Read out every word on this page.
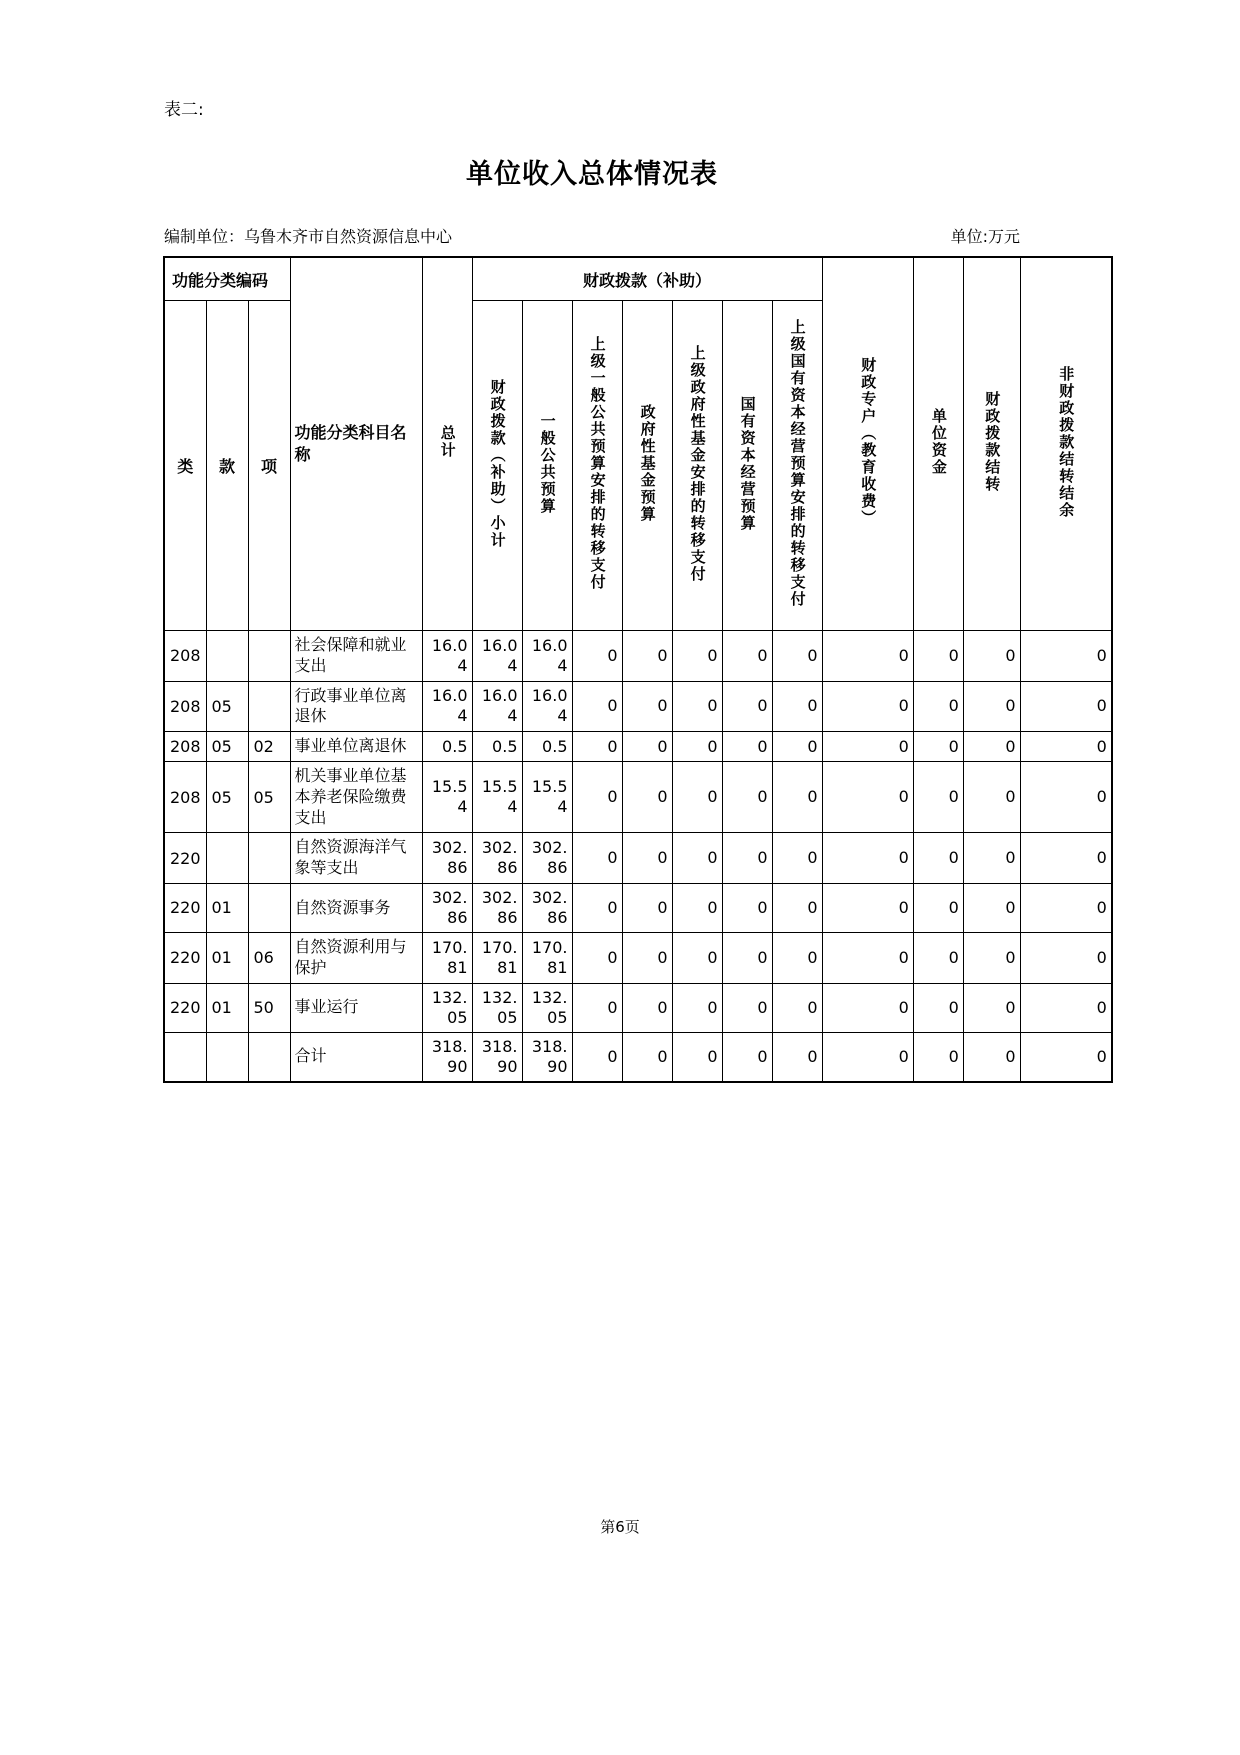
表二:
单位收入总体情况表
编制单位：乌鲁木齐市自然资源信息中心	单位:万元
功能分类编码			功能分类科目名称	总计	财政拨款（补助）							财政专户（教育收费）	单位资金	财政拨款结转	非财政拨款结转结余
类	款	项			财政拨款（补助）小计	一般公共预算	上级一般公共预算安排的转移支付	政府性基金预算	上级政府性基金安排的转移支付	国有资本经营预算	上级国有资本经营预算安排的转移支付				
208			社会保障和就业支出	16.04	16.04	16.04	0	0	0	0	0	0	0	0	0
208	05		行政事业单位离退休	16.04	16.04	16.04	0	0	0	0	0	0	0	0	0
208	05	02	事业单位离退休	0.5	0.5	0.5	0	0	0	0	0	0	0	0	0
208	05	05	机关事业单位基本养老保险缴费支出	15.54	15.54	15.54	0	0	0	0	0	0	0	0	0
220			自然资源海洋气象等支出	302.86	302.86	302.86	0	0	0	0	0	0	0	0	0
220	01		自然资源事务	302.86	302.86	302.86	0	0	0	0	0	0	0	0	0
220	01	06	自然资源利用与保护	170.81	170.81	170.81	0	0	0	0	0	0	0	0	0
220	01	50	事业运行	132.05	132.05	132.05	0	0	0	0	0	0	0	0	0
			合计	318.90	318.90	318.90	0	0	0	0	0	0	0	0	0
第6页
